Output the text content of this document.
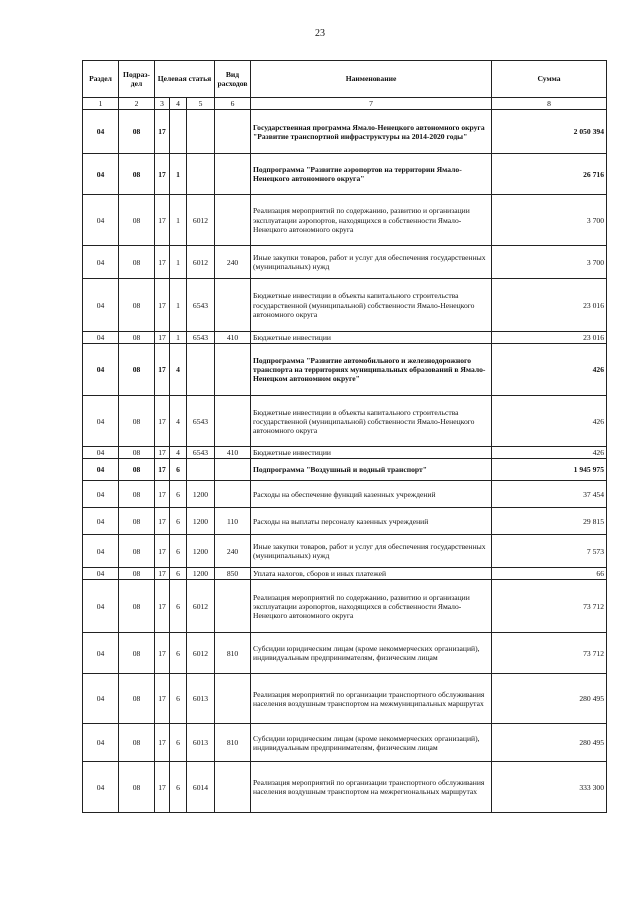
23
Раздел	Подраз-дел	Целевая статья			Вид расходов	Наименование	Сумма
1	2	3	4	5	6	7	8
04	08	17				Государственная программа Ямало-Ненецкого автономного округа "Развитие транспортной инфраструктуры на 2014-2020 годы"	2 050 394
04	08	17	1			Подпрограмма "Развитие аэропортов на территории Ямало-Ненецкого автономного округа"	26 716
04	08	17	1	6012		Реализация мероприятий по содержанию, развитию и организации эксплуатации аэропортов, находящихся в собственности Ямало-Ненецкого автономного округа	3 700
04	08	17	1	6012	240	Иные закупки товаров, работ и услуг для обеспечения государственных (муниципальных) нужд	3 700
04	08	17	1	6543		Бюджетные инвестиции в объекты капитального строительства государственной (муниципальной) собственности Ямало-Ненецкого автономного округа	23 016
04	08	17	1	6543	410	Бюджетные инвестиции	23 016
04	08	17	4			Подпрограмма "Развитие автомобильного и железнодорожного транспорта на территориях муниципальных образований в Ямало-Ненецком автономном округе"	426
04	08	17	4	6543		Бюджетные инвестиции в объекты капитального строительства государственной (муниципальной) собственности Ямало-Ненецкого автономного округа	426
04	08	17	4	6543	410	Бюджетные инвестиции	426
04	08	17	6			Подпрограмма "Воздушный и водный транспорт"	1 945 975
04	08	17	6	1200		Расходы на обеспечение функций казенных учреждений	37 454
04	08	17	6	1200	110	Расходы на выплаты персоналу казенных учреждений	29 815
04	08	17	6	1200	240	Иные закупки товаров, работ и услуг для обеспечения государственных (муниципальных) нужд	7 573
04	08	17	6	1200	850	Уплата налогов, сборов и иных платежей	66
04	08	17	6	6012		Реализация мероприятий по содержанию, развитию и организации эксплуатации аэропортов, находящихся в собственности Ямало-Ненецкого автономного округа	73 712
04	08	17	6	6012	810	Субсидии юридическим лицам (кроме некоммерческих организаций), индивидуальным предпринимателям, физическим лицам	73 712
04	08	17	6	6013		Реализация мероприятий по организации транспортного обслуживания населения воздушным транспортом на межмуниципальных маршрутах	280 495
04	08	17	6	6013	810	Субсидии юридическим лицам (кроме некоммерческих организаций), индивидуальным предпринимателям, физическим лицам	280 495
04	08	17	6	6014		Реализация мероприятий по организации транспортного обслуживания населения воздушным транспортом на межрегиональных маршрутах	333 300
